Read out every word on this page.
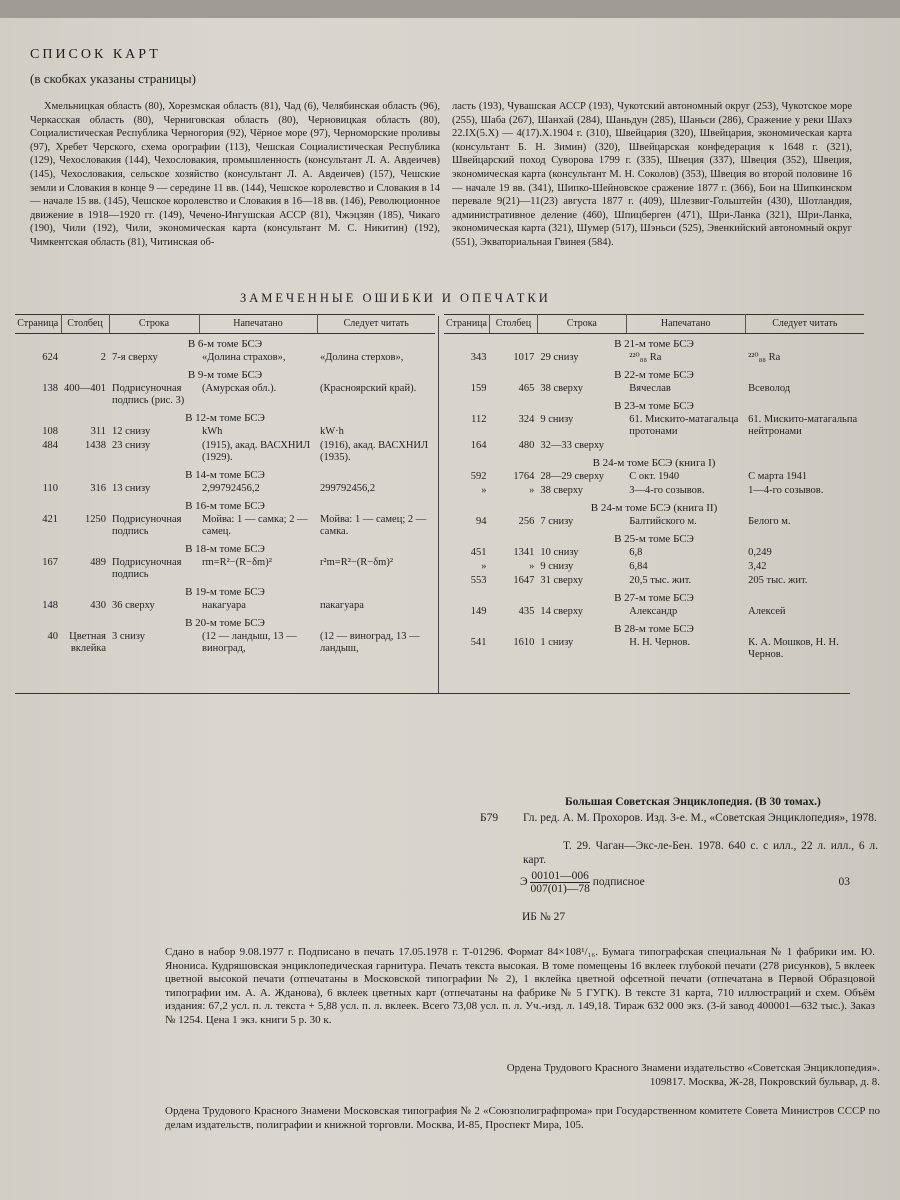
СПИСОК КАРТ
(в скобках указаны страницы)

Хмельницкая область (80), Хорезмская область (81), Чад (6), Челябинская область (96), Черкасская область (80), Черниговская область (80), Черновицкая область (80), Социалистическая Республика Черногория (92), Чёрное море (97), Черноморские проливы (97), Хребет Черского, схема орографии (113), Чешская Социалистическая Республика (129), Чехословакия (144), Чехословакия, промышленность (консультант Л. А. Авдеичев) (145), Чехословакия, сельское хозяйство (консультант Л. А. Авдеичев) (157), Чешские земли и Словакия в конце 9 — середине 11 вв. (144), Чешское королевство и Словакия в 14 — начале 15 вв. (145), Чешское королевство и Словакия в 16—18 вв. (146), Революционное движение в 1918—1920 гг. (149), Чечено-Ингушская АССР (81), Чжэцзян (185), Чикаго (190), Чили (192), Чили, экономическая карта (консультант М. С. Никитин) (192), Чимкентская область (81), Читинская об-

ласть (193), Чувашская АССР (193), Чукотский автономный округ (253), Чукотское море (255), Шаба (267), Шанхай (284), Шаньдун (285), Шаньси (286), Сражение у реки Шахэ 22.IX(5.X) — 4(17).X.1904 г. (310), Швейцария (320), Швейцария, экономическая карта (консультант Б. Н. Зимин) (320), Швейцарская конфедерация к 1648 г. (321), Швейцарский поход Суворова 1799 г. (335), Швеция (337), Швеция (352), Швеция, экономическая карта (консультант М. Н. Соколов) (353), Швеция во второй половине 16 — начале 19 вв. (341), Шипко-Шейновское сражение 1877 г. (366), Бои на Шипкинском перевале 9(21)—11(23) августа 1877 г. (409), Шлезвиг-Гольштейн (430), Шотландия, административное деление (460), Шпицберген (471), Шри-Ланка (321), Шри-Ланка, экономическая карта (321), Шумер (517), Шэньси (525), Эвенкийский автономный округ (551), Экваториальная Гвинея (584).

ЗАМЕЧЕННЫЕ ОШИБКИ И ОПЕЧАТКИ
Страница	Столбец	Строка	Напечатано	Следует читать
В 6-м томе БСЭ				
624	2	7-я сверху	«Долина страхов»,	«Долина стерхов»,
В 9-м томе БСЭ				
138	400—401	Подрисуночная подпись (рис. 3)	(Амурская обл.).	(Красноярский край).
В 12-м томе БСЭ				
108	311	12 снизу	kWh	kW·h
484	1438	23 снизу	(1915), акад. ВАСХНИЛ (1929).	(1916), акад. ВАСХНИЛ (1935).
В 14-м томе БСЭ				
110	316	13 снизу	2,99792456,2	299792456,2
В 16-м томе БСЭ				
421	1250	Подрисуночная подпись	Мойва: 1 — самка; 2 — самец.	Мойва: 1 — самец; 2 — самка.
В 18-м томе БСЭ				
167	489	Подрисуночная подпись	rm=R²−(R−δm)²	r²m=R²−(R−δm)²
В 19-м томе БСЭ				
148	430	36 сверху	накагуара	пакагуара
В 20-м томе БСЭ				
40	Цветная вклейка	3 снизу	(12 — ландыш, 13 — виноград,	(12 — виноград, 13 — ландыш,
Страница	Столбец	Строка	Напечатано	Следует читать
В 21-м томе БСЭ				
343	1017	29 снизу	²²⁰₈₈ Ra	²²⁰₈₈ Ra
В 22-м томе БСЭ				
159	465	38 сверху	Вячеслав	Всеволод
В 23-м томе БСЭ				
112	324	9 снизу	61. Мискито-матагальца протонами	61. Мискито-матагальпа нейтронами
164	480	32—33 сверху		
В 24-м томе БСЭ (книга I)				
592	1764	28—29 сверху	С окт. 1940	С марта 1941
»	»	38 сверху	3—4-го созывов.	1—4-го созывов.
В 24-м томе БСЭ (книга II)				
94	256	7 снизу	Балтийского м.	Белого м.
В 25-м томе БСЭ				
451	1341	10 снизу	6,8	0,249
»	»	9 снизу	6,84	3,42
553	1647	31 сверху	20,5 тыс. жит.	205 тыс. жит.
В 27-м томе БСЭ				
149	435	14 сверху	Александр	Алексей
В 28-м томе БСЭ				
541	1610	1 снизу	Н. Н. Чернов.	К. А. Мошков, Н. Н. Чернов.
Большая Советская Энциклопедия. (В 30 томах.)
Б79 Гл. ред. А. М. Прохоров. Изд. 3-е. М., «Советская Энциклопедия», 1978.
Т. 29. Чаган—Экс-ле-Бен. 1978. 640 с. с илл., 22 л. илл., 6 л. карт.
Э $\frac{00101—006}{007(01)—78}$ подписное	03
ИБ № 27
Сдано в набор 9.08.1977 г. Подписано в печать 17.05.1978 г. Т-01296. Формат 84×108¹/₁₆. Бумага типографская специальная № 1 фабрики им. Ю. Янониса. Кудряшовская энциклопедическая гарнитура. Печать текста высокая. В томе помещены 16 вклеек глубокой печати (278 рисунков), 5 вклеек цветной высокой печати (отпечатаны в Московской типографии № 2), 1 вклейка цветной офсетной печати (отпечатана в Первой Образцовой типографии им. А. А. Жданова), 6 вклеек цветных карт (отпечатаны на фабрике № 5 ГУГК). В тексте 31 карта, 710 иллюстраций и схем. Объём издания: 67,2 усл. п. л. текста + 5,88 усл. п. л. вклеек. Всего 73,08 усл. п. л. Уч.-изд. л. 149,18. Тираж 632 000 экз. (3-й завод 400001—632 тыс.). Заказ № 1254. Цена 1 экз. книги 5 р. 30 к.
Ордена Трудового Красного Знамени издательство «Советская Энциклопедия».
109817. Москва, Ж-28, Покровский бульвар, д. 8.
Ордена Трудового Красного Знамени Московская типография № 2 «Союзполиграфпрома» при Государственном комитете Совета Министров СССР по делам издательств, полиграфии и книжной торговли. Москва, И-85, Проспект Мира, 105.
